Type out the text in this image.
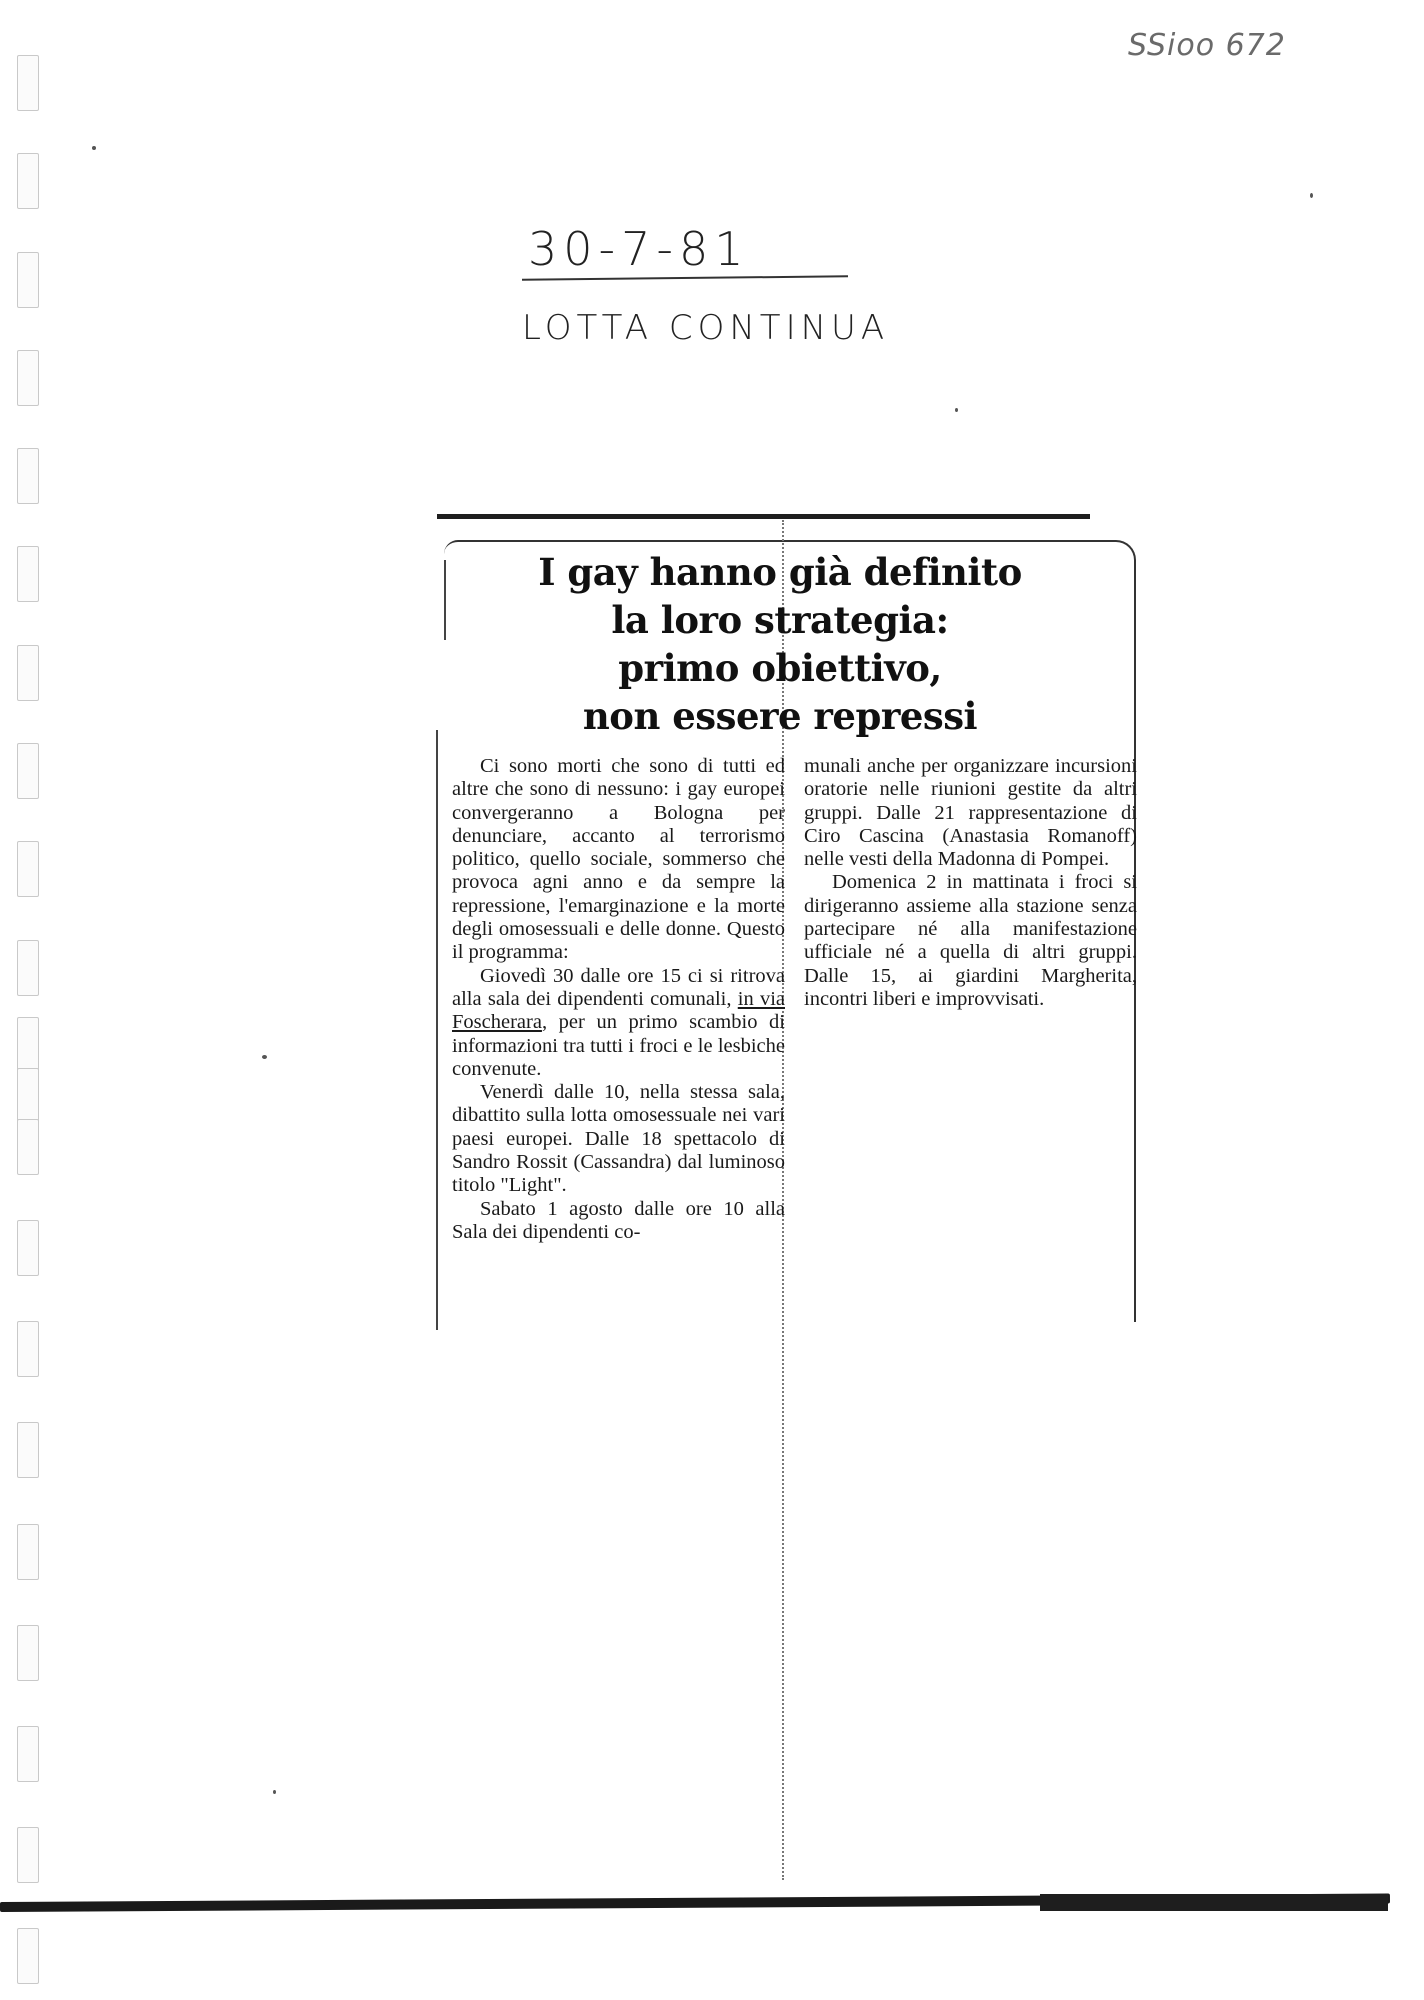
SSioo 672
30-7-81
LOTTA CONTINUA
I gay hanno già definito
la loro strategia:
primo obiettivo,
non essere repressi

Ci sono morti che sono di tutti ed altre che sono di nessuno: i gay europei convergeranno a Bologna per denunciare, accanto al terrorismo politico, quello sociale, sommerso che provoca agni anno e da sempre la repressione, l'emarginazione e la morte degli omosessuali e delle donne. Questo il programma:

Giovedì 30 dalle ore 15 ci si ritrova alla sala dei dipendenti comunali, in via Foscherara, per un primo scambio di informazioni tra tutti i froci e le lesbiche convenute.

Venerdì dalle 10, nella stessa sala, dibattito sulla lotta omosessuale nei vari paesi europei. Dalle 18 spettacolo di Sandro Rossit (Cassandra) dal luminoso titolo "Light".

Sabato 1 agosto dalle ore 10 alla Sala dei dipendenti co-

munali anche per organizzare incursioni oratorie nelle riunioni gestite da altri gruppi. Dalle 21 rappresentazione di Ciro Cascina (Anastasia Romanoff) nelle vesti della Madonna di Pompei.

Domenica 2 in mattinata i froci si dirigeranno assieme alla stazione senza partecipare né alla manifestazione ufficiale né a quella di altri gruppi. Dalle 15, ai giardini Margherita, incontri liberi e improvvisati.
